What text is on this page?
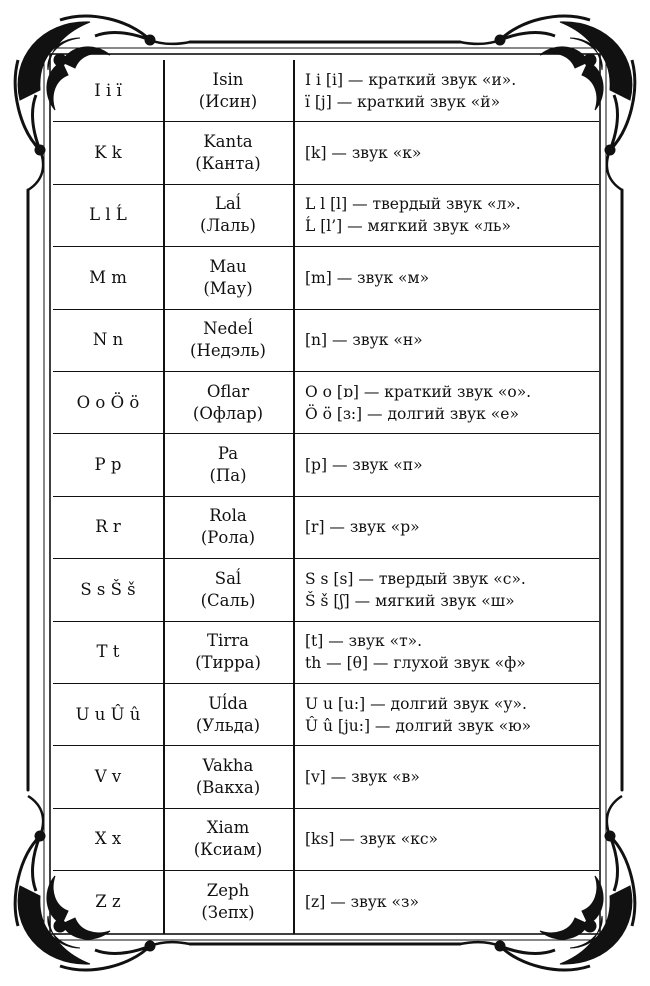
I i ï
Isin
(Исин)
I i [i] — краткий звук «и».
ï [j] — краткий звук «й»
K k
Kanta
(Канта)
[k] — звук «к»
L l Ĺ
Laĺ
(Лаль)
L l [l] — твердый звук «л».
Ĺ [l’] — мягкий звук «ль»
M m
Mau
(Мау)
[m] — звук «м»
N n
Nedeĺ
(Недэль)
[n] — звук «н»
O o Ö ö
Oflar
(Офлар)
O o [ɒ] — краткий звук «о».
Ö ö [ɜ:] — долгий звук «е»
P p
Pa
(Па)
[p] — звук «п»
R r
Rola
(Рола)
[r] — звук «р»
S s Š š
Saĺ
(Саль)
S s [s] — твердый звук «с».
Š š [ʃ] — мягкий звук «ш»
T t
Tirra
(Тирра)
[t] — звук «т».
th — [θ] — глухой звук «ф»
U u Û û
Uĺda
(Ульда)
U u [u:] — долгий звук «у».
Û û [ju:] — долгий звук «ю»
V v
Vakha
(Вакха)
[v] — звук «в»
X x
Xiam
(Ксиам)
[ks] — звук «кс»
Z z
Zeph
(Зепх)
[z] — звук «з»
